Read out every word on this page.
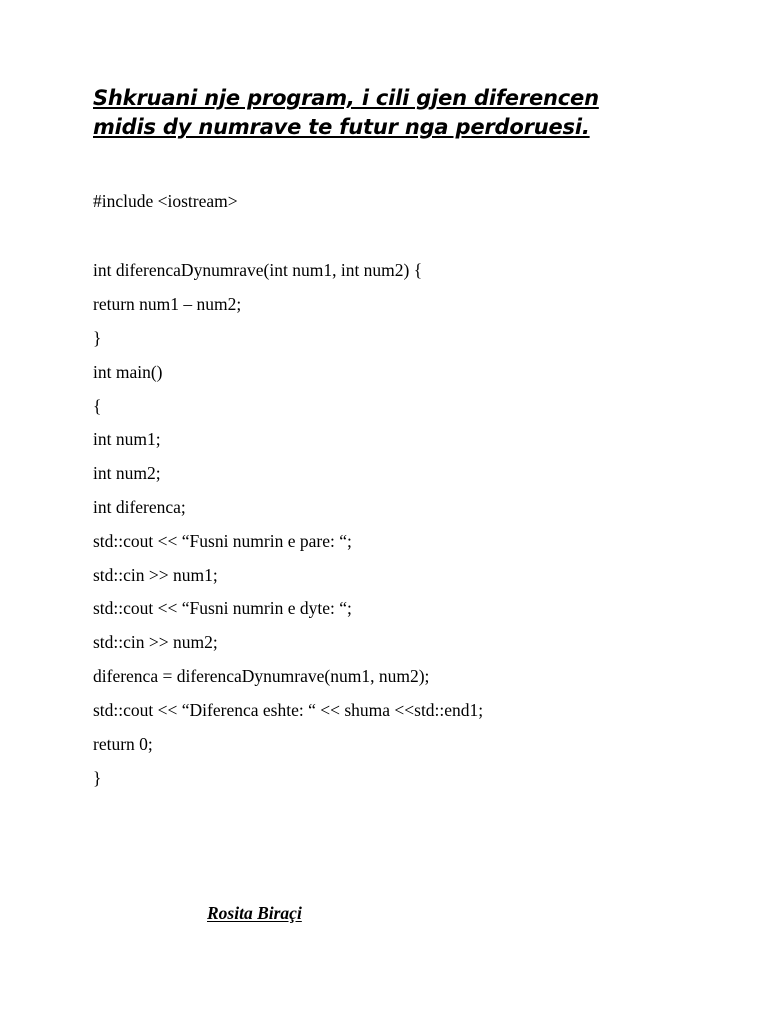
Shkruani nje program, i cili gjen diferencen
midis dy numrave te futur nga perdoruesi.

#include <iostream>

int diferencaDynumrave(int num1, int num2) {

return num1 – num2;

}

int main()

{

int num1;

int num2;

int diferenca;

std::cout << “Fusni numrin e pare: “;

std::cin >> num1;

std::cout << “Fusni numrin e dyte: “;

std::cin >> num2;

diferenca = diferencaDynumrave(num1, num2);

std::cout << “Diferenca eshte: “ << shuma <<std::end1;

return 0;

}

Rosita Biraçi
